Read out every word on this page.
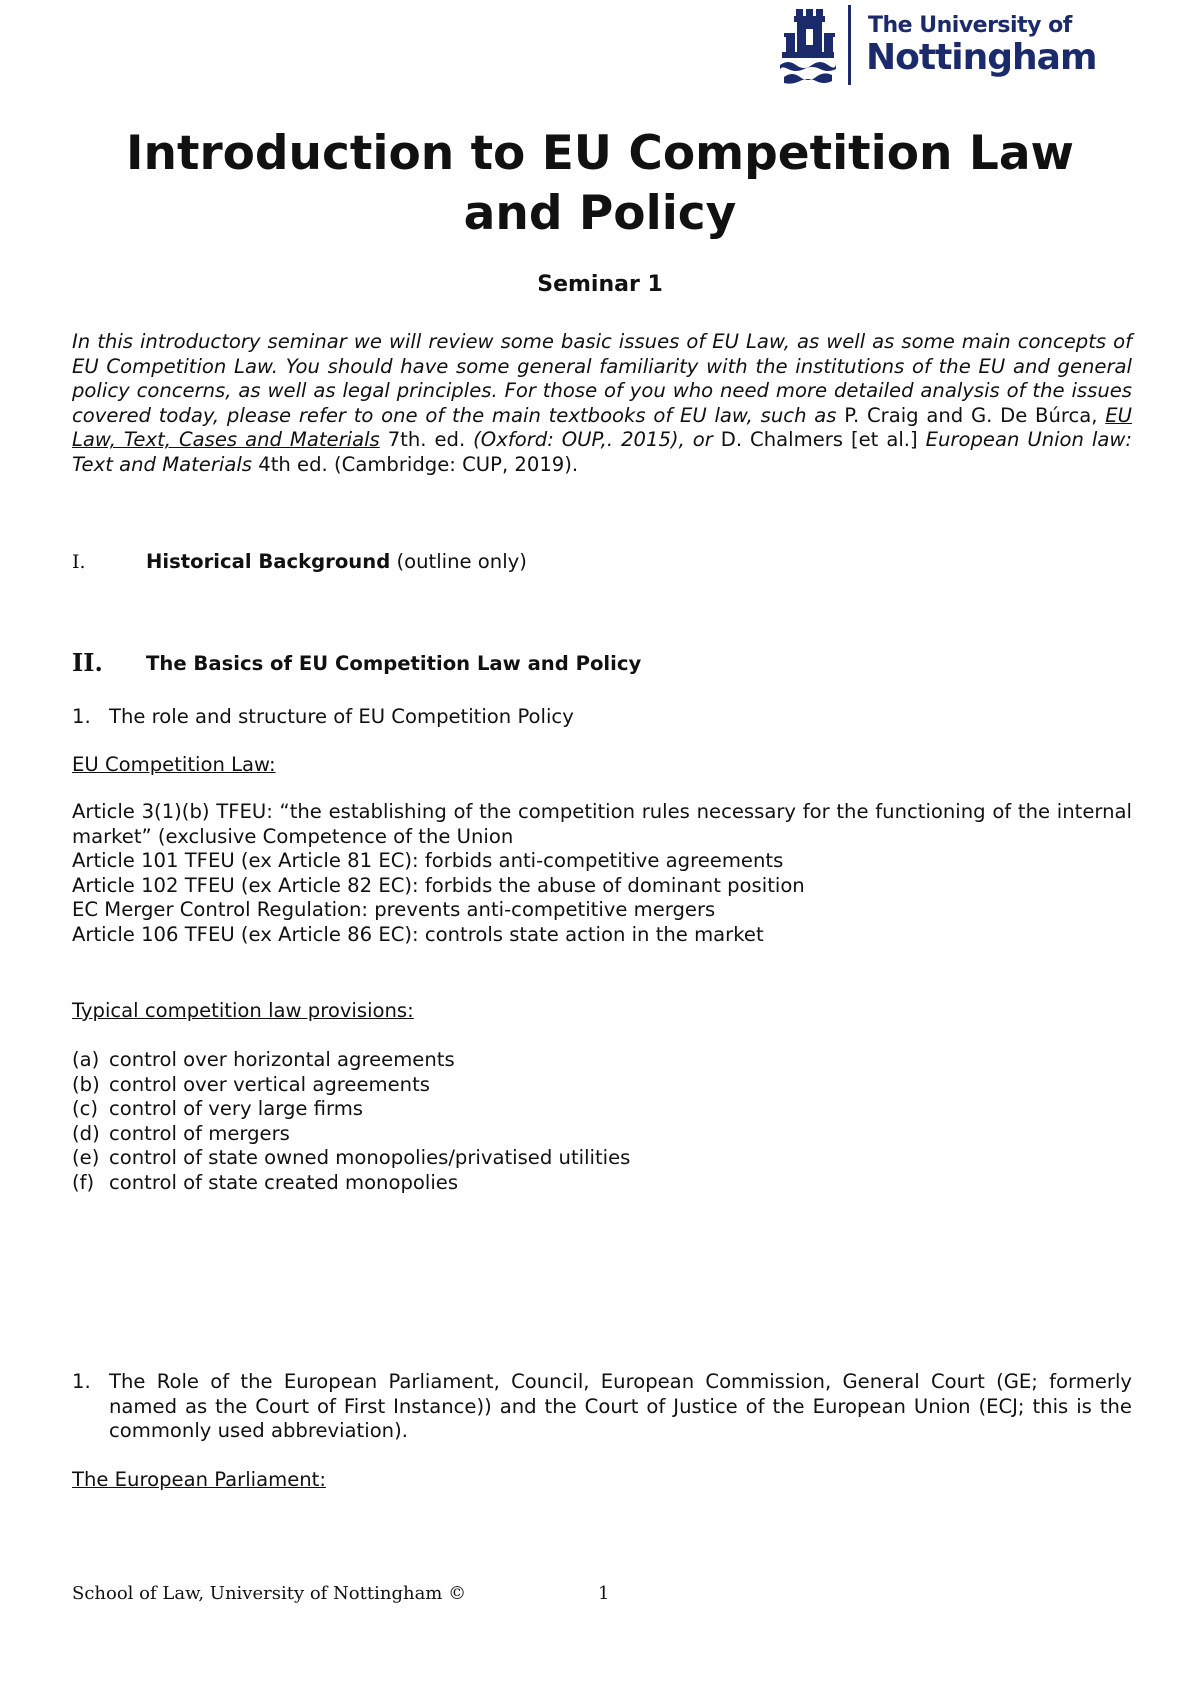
The University of
Nottingham
Introduction to EU Competition Law
and Policy
Seminar 1
In this introductory seminar we will review some basic issues of EU Law, as well as some main concepts of EU Competition Law. You should have some general familiarity with the institutions of the EU and general policy concerns, as well as legal principles. For those of you who need more detailed analysis of the issues covered today, please refer to one of the main textbooks of EU law, such as P. Craig and G. De Búrca, EU Law, Text, Cases and Materials 7th. ed. (Oxford: OUP,. 2015), or D. Chalmers [et al.] European Union law: Text and Materials 4th ed. (Cambridge: CUP, 2019).
I.	Historical Background (outline only)
II. The Basics of EU Competition Law and Policy
1. The role and structure of EU Competition Policy
EU Competition Law:
Article 3(1)(b) TFEU: “the establishing of the competition rules necessary for the functioning of the internal market” (exclusive Competence of the Union
Article 101 TFEU (ex Article 81 EC): forbids anti-competitive agreements
Article 102 TFEU (ex Article 82 EC): forbids the abuse of dominant position
EC Merger Control Regulation: prevents anti-competitive mergers
Article 106 TFEU (ex Article 86 EC): controls state action in the market
Typical competition law provisions:
(a) control over horizontal agreements
(b) control over vertical agreements
(c) control of very large firms
(d) control of mergers
(e) control of state owned monopolies/privatised utilities
(f) control of state created monopolies
1. The Role of the European Parliament, Council, European Commission, General Court (GE; formerly named as the Court of First Instance)) and the Court of Justice of the European Union (ECJ; this is the commonly used abbreviation).
The European Parliament:
School of Law, University of Nottingham ©	1
